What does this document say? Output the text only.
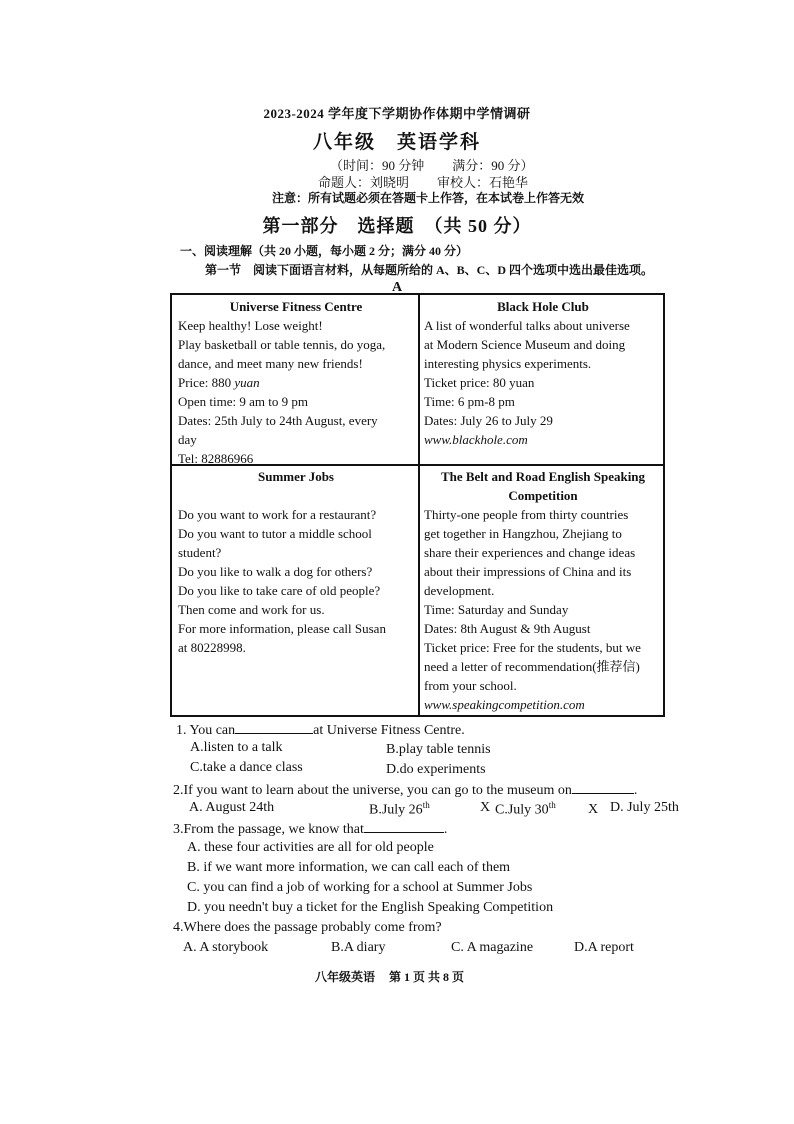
2023-2024 学年度下学期协作体期中学情调研
八年级　英语学科
（时间：90 分钟 满分：90 分）
命题人：刘晓明 审校人：石艳华
注意：所有试题必须在答题卡上作答，在本试卷上作答无效
第一部分　选择题　（共 50 分）
一、阅读理解（共 20 小题，每小题 2 分；满分 40 分）
第一节　阅读下面语言材料，从每题所给的 A、B、C、D 四个选项中选出最佳选项。
A
Universe Fitness Centre
Keep healthy! Lose weight!
Play basketball or table tennis, do yoga,
dance, and meet many new friends!
Price: 880 yuan
Open time: 9 am to 9 pm
Dates: 25th July to 24th August, every
day
Tel: 82886966
Black Hole Club
A list of wonderful talks about universe
at Modern Science Museum and doing
interesting physics experiments.
Ticket price: 80 yuan
Time: 6 pm-8 pm
Dates: July 26 to July 29
www.blackhole.com
Summer Jobs
Do you want to work for a restaurant?
Do you want to tutor a middle school
student?
Do you like to walk a dog for others?
Do you like to take care of old people?
Then come and work for us.
For more information, please call Susan
at 80228998.
The Belt and Road English Speaking
Competition
Thirty-one people from thirty countries
get together in Hangzhou, Zhejiang to
share their experiences and change ideas
about their impressions of China and its
development.
Time: Saturday and Sunday
Dates: 8th August & 9th August
Ticket price: Free for the students, but we
need a letter of recommendation(推荐信)
from your school.
www.speakingcompetition.com
1. You can	at Universe Fitness Centre.
A.listen to a talk	B.play table tennis
C.take a dance class	D.do experiments
2.If you want to learn about the universe, you can go to the museum on	.
A. August 24th	B.July 26th	X C.July 30th X D. July 25th
3.From the passage, we know that	.
A. these four activities are all for old people
B. if we want more information, we can call each of them
C. you can find a job of working for a school at Summer Jobs
D. you needn't buy a ticket for the English Speaking Competition
4.Where does the passage probably come from?
A. A storybook	B.A diary	C. A magazine	D.A report
八年级英语 第 1 页 共 8 页
